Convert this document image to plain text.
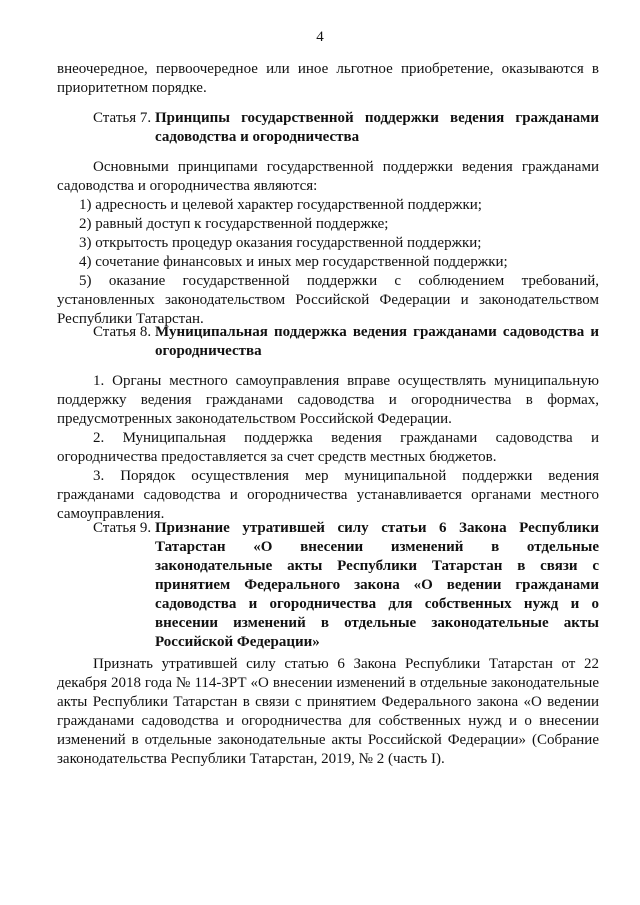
4

внеочередное, первоочередное или иное льготное приобретение, оказываются в приоритетном порядке.

Статья 7. Принципы государственной поддержки ведения гражданами садоводства и огородничества

Основными принципами государственной поддержки ведения гражданами садоводства и огородничества являются:

1) адресность и целевой характер государственной поддержки;

2) равный доступ к государственной поддержке;

3) открытость процедур оказания государственной поддержки;

4) сочетание финансовых и иных мер государственной поддержки;

5) оказание государственной поддержки с соблюдением требований, установленных законодательством Российской Федерации и законодательством Республики Татарстан.

Статья 8. Муниципальная поддержка ведения гражданами садоводства и огородничества

1. Органы местного самоуправления вправе осуществлять муниципальную поддержку ведения гражданами садоводства и огородничества в формах, предусмотренных законодательством Российской Федерации.

2. Муниципальная поддержка ведения гражданами садоводства и огородничества предоставляется за счет средств местных бюджетов.

3. Порядок осуществления мер муниципальной поддержки ведения гражданами садоводства и огородничества устанавливается органами местного самоуправления.

Статья 9. Признание утратившей силу статьи 6 Закона Республики Татарстан «О внесении изменений в отдельные законодательные акты Республики Татарстан в связи с принятием Федерального закона «О ведении гражданами садоводства и огородничества для собственных нужд и о внесении изменений в отдельные законодательные акты Российской Федерации»

Признать утратившей силу статью 6 Закона Республики Татарстан от 22 декабря 2018 года № 114-ЗРТ «О внесении изменений в отдельные законодательные акты Республики Татарстан в связи с принятием Федерального закона «О ведении гражданами садоводства и огородничества для собственных нужд и о внесении изменений в отдельные законодательные акты Российской Федерации» (Собрание законодательства Республики Татарстан, 2019, № 2 (часть I).
